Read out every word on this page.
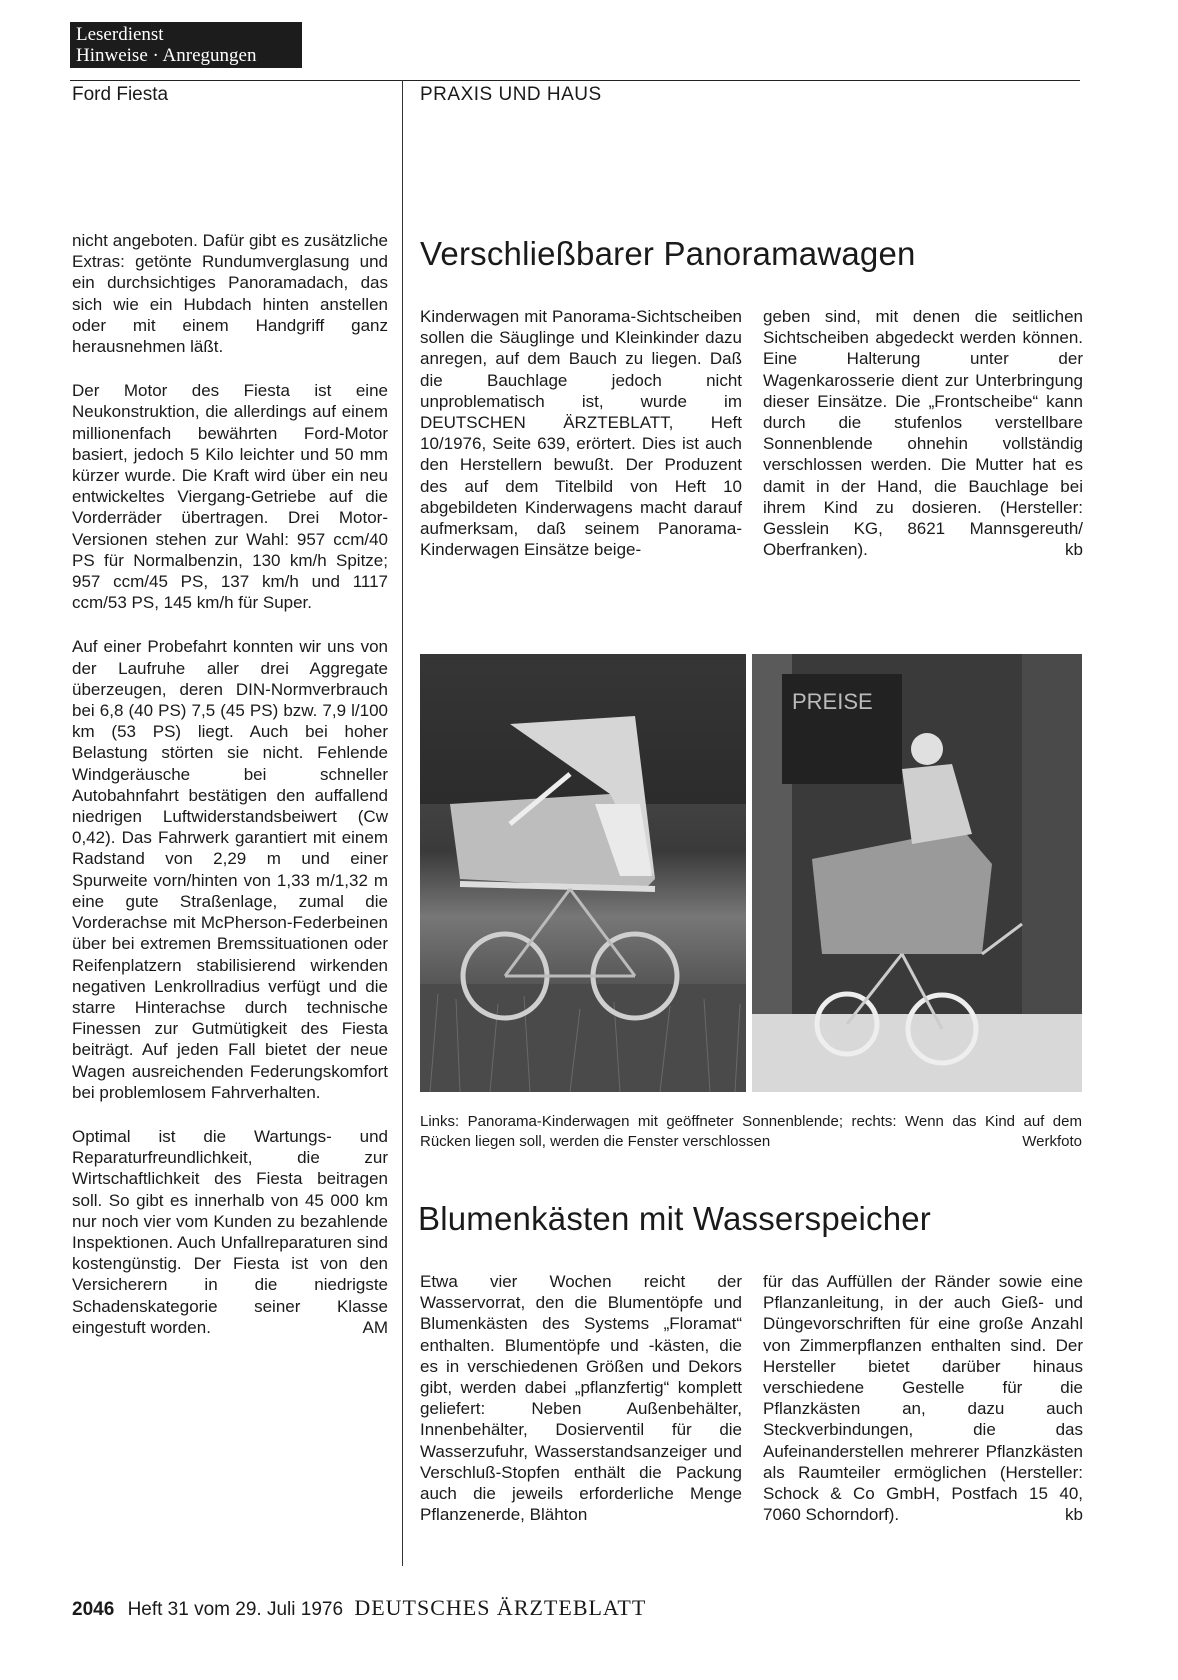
Leserdienst
Hinweise · Anregungen
Ford Fiesta	PRAXIS UND HAUS

nicht angeboten. Dafür gibt es zusätzliche Extras: getönte Rundumverglasung und ein durchsichtiges Panoramadach, das sich wie ein Hubdach hinten anstellen oder mit einem Handgriff ganz herausnehmen läßt.

Der Motor des Fiesta ist eine Neukonstruktion, die allerdings auf einem millionenfach bewährten Ford-Motor basiert, jedoch 5 Kilo leichter und 50 mm kürzer wurde. Die Kraft wird über ein neu entwickeltes Viergang-Getriebe auf die Vorderräder übertragen. Drei Motor-Versionen stehen zur Wahl: 957 ccm/40 PS für Normalbenzin, 130 km/h Spitze; 957 ccm/45 PS, 137 km/h und 1117 ccm/53 PS, 145 km/h für Super.

Auf einer Probefahrt konnten wir uns von der Laufruhe aller drei Aggregate überzeugen, deren DIN-Normverbrauch bei 6,8 (40 PS) 7,5 (45 PS) bzw. 7,9 l/100 km (53 PS) liegt. Auch bei hoher Belastung störten sie nicht. Fehlende Windgeräusche bei schneller Autobahnfahrt bestätigen den auffallend niedrigen Luftwiderstandsbeiwert (Cw 0,42). Das Fahrwerk garantiert mit einem Radstand von 2,29 m und einer Spurweite vorn/hinten von 1,33 m/1,32 m eine gute Straßenlage, zumal die Vorderachse mit McPherson-Federbeinen über bei extremen Bremssituationen oder Reifenplatzern stabilisierend wirkenden negativen Lenkrollradius verfügt und die starre Hinterachse durch technische Finessen zur Gutmütigkeit des Fiesta beiträgt. Auf jeden Fall bietet der neue Wagen ausreichenden Federungskomfort bei problemlosem Fahrverhalten.

Optimal ist die Wartungs- und Reparaturfreundlichkeit, die zur Wirtschaftlichkeit des Fiesta beitragen soll. So gibt es innerhalb von 45 000 km nur noch vier vom Kunden zu bezahlende Inspektionen. Auch Unfallreparaturen sind kostengünstig. Der Fiesta ist von den Versicherern in die niedrigste Schadenskategorie seiner Klasse eingestuft worden.	AM

Verschließbarer Panoramawagen
Kinderwagen mit Panorama-Sichtscheiben sollen die Säuglinge und Kleinkinder dazu anregen, auf dem Bauch zu liegen. Daß die Bauchlage jedoch nicht unproblematisch ist, wurde im DEUTSCHEN ÄRZTEBLATT, Heft 10/1976, Seite 639, erörtert. Dies ist auch den Herstellern bewußt. Der Produzent des auf dem Titelbild von Heft 10 abgebildeten Kinderwagens macht darauf aufmerksam, daß seinem Panorama-Kinderwagen Einsätze beige-
geben sind, mit denen die seitlichen Sichtscheiben abgedeckt werden können. Eine Halterung unter der Wagenkarosserie dient zur Unterbringung dieser Einsätze. Die „Frontscheibe“ kann durch die stufenlos verstellbare Sonnenblende ohnehin vollständig verschlossen werden. Die Mutter hat es damit in der Hand, die Bauchlage bei ihrem Kind zu dosieren. (Hersteller: Gesslein KG, 8621 Mannsgereuth/ Oberfranken).	kb
PREISE
Links: Panorama-Kinderwagen mit geöffneter Sonnenblende; rechts: Wenn das Kind auf dem Rücken liegen soll, werden die Fenster verschlossen	Werkfoto
Blumenkästen mit Wasserspeicher
Etwa vier Wochen reicht der Wasservorrat, den die Blumentöpfe und Blumenkästen des Systems „Floramat“ enthalten. Blumentöpfe und -kästen, die es in verschiedenen Größen und Dekors gibt, werden dabei „pflanzfertig“ komplett geliefert: Neben Außenbehälter, Innenbehälter, Dosierventil für die Wasserzufuhr, Wasserstandsanzeiger und Verschluß-Stopfen enthält die Packung auch die jeweils erforderliche Menge Pflanzenerde, Blähton
für das Auffüllen der Ränder sowie eine Pflanzanleitung, in der auch Gieß- und Düngevorschriften für eine große Anzahl von Zimmerpflanzen enthalten sind. Der Hersteller bietet darüber hinaus verschiedene Gestelle für die Pflanzkästen an, dazu auch Steckverbindungen, die das Aufeinanderstellen mehrerer Pflanzkästen als Raumteiler ermöglichen (Hersteller: Schock & Co GmbH, Postfach 15 40, 7060 Schorndorf).	kb
2046 Heft 31 vom 29. Juli 1976 DEUTSCHES ÄRZTEBLATT
